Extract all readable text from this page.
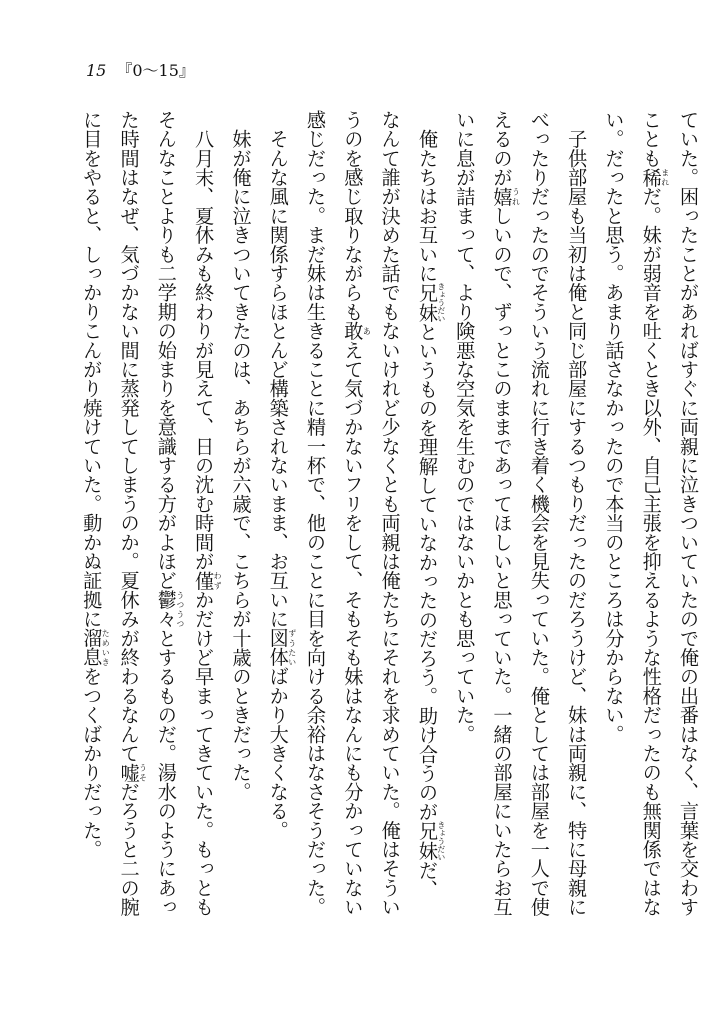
15 『0～15』
ていた。困ったことがあればすぐに両親に泣きついていたので俺の出番はなく、言葉を交わす
ことも稀まれだ。妹が弱音を吐くとき以外、自己主張を抑えるような性格だったのも無関係ではな
い。だったと思う。あまり話さなかったので本当のところは分からない。
　子供部屋も当初は俺と同じ部屋にするつもりだったのだろうけど、妹は両親に、特に母親に
べったりだったのでそういう流れに行き着く機会を見失っていた。俺としては部屋を一人で使
えるのが嬉うれしいので、ずっとこのままであってほしいと思っていた。一緒の部屋にいたらお互
いに息が詰まって、より険悪な空気を生むのではないかとも思っていた。
　俺たちはお互いに兄妹きょうだいというものを理解していなかったのだろう。助け合うのが兄妹きょうだいだ、
なんて誰が決めた話でもないけれど少なくとも両親は俺たちにそれを求めていた。俺はそうい
うのを感じ取りながらも敢あえて気づかないフリをして、そもそも妹はなんにも分かっていない
感じだった。まだ妹は生きることに精一杯で、他のことに目を向ける余裕はなさそうだった。
　そんな風に関係すらほとんど構築されないまま、お互いに図体ずうたいばかり大きくなる。
　妹が俺に泣きついてきたのは、あちらが六歳で、こちらが十歳のときだった。
　八月末、夏休みも終わりが見えて、日の沈む時間が僅わずかだけど早まってきていた。もっとも
そんなことよりも二学期の始まりを意識する方がよほど鬱々うつうつとするものだ。湯水のようにあっ
た時間はなぜ、気づかない間に蒸発してしまうのか。夏休みが終わるなんて嘘うそだろうと二の腕
に目をやると、しっかりこんがり焼けていた。動かぬ証拠に溜息ためいきをつくばかりだった。
